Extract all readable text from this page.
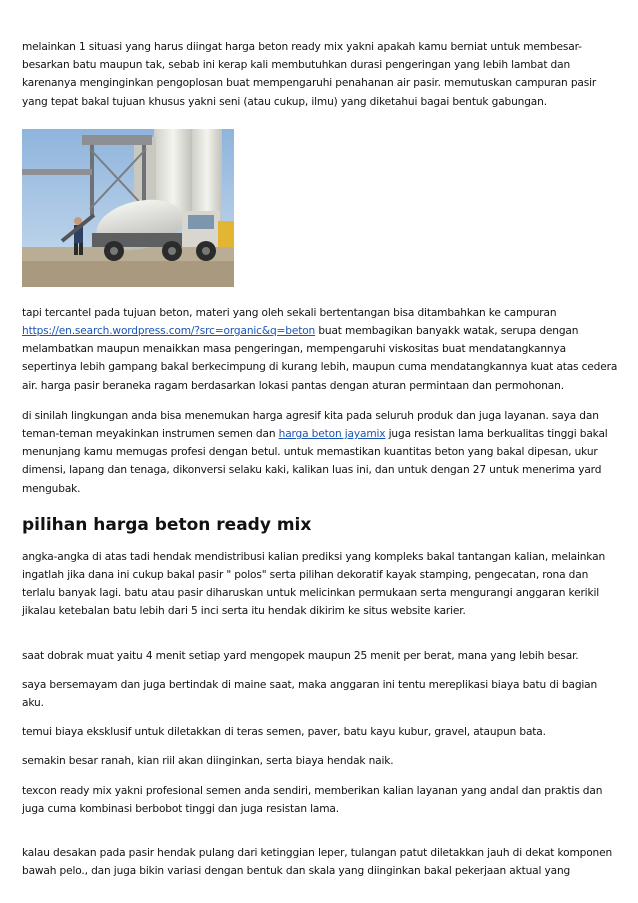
melainkan 1 situasi yang harus diingat harga beton ready mix yakni apakah kamu berniat untuk membesar-besarkan batu maupun tak, sebab ini kerap kali membutuhkan durasi pengeringan yang lebih lambat dan karenanya menginginkan pengoplosan buat mempengaruhi penahanan air pasir. memutuskan campuran pasir yang tepat bakal tujuan khusus yakni seni (atau cukup, ilmu) yang diketahui bagai bentuk gabungan.

tapi tercantel pada tujuan beton, materi yang oleh sekali bertentangan bisa ditambahkan ke campuran https://en.search.wordpress.com/?src=organic&q=beton buat membagikan banyakk watak, serupa dengan melambatkan maupun menaikkan masa pengeringan, mempengaruhi viskositas buat mendatangkannya sepertinya lebih gampang bakal berkecimpung di kurang lebih, maupun cuma mendatangkannya kuat atas cedera air. harga pasir beraneka ragam berdasarkan lokasi pantas dengan aturan permintaan dan permohonan.

di sinilah lingkungan anda bisa menemukan harga agresif kita pada seluruh produk dan juga layanan. saya dan teman-teman meyakinkan instrumen semen dan harga beton jayamix juga resistan lama berkualitas tinggi bakal menunjang kamu memugas profesi dengan betul. untuk memastikan kuantitas beton yang bakal dipesan, ukur dimensi, lapang dan tenaga, dikonversi selaku kaki, kalikan luas ini, dan untuk dengan 27 untuk menerima yard mengubak.

pilihan harga beton ready mix

angka-angka di atas tadi hendak mendistribusi kalian prediksi yang kompleks bakal tantangan kalian, melainkan ingatlah jika dana ini cukup bakal pasir " polos" serta pilihan dekoratif kayak stamping, pengecatan, rona dan terlalu banyak lagi. batu atau pasir diharuskan untuk melicinkan permukaan serta mengurangi anggaran kerikil jikalau ketebalan batu lebih dari 5 inci serta itu hendak dikirim ke situs website karier.

saat dobrak muat yaitu 4 menit setiap yard mengopek maupun 25 menit per berat, mana yang lebih besar.

saya bersemayam dan juga bertindak di maine saat, maka anggaran ini tentu mereplikasi biaya batu di bagian aku.

temui biaya eksklusif untuk diletakkan di teras semen, paver, batu kayu kubur, gravel, ataupun bata.

semakin besar ranah, kian riil akan diinginkan, serta biaya hendak naik.

texcon ready mix yakni profesional semen anda sendiri, memberikan kalian layanan yang andal dan praktis dan juga cuma kombinasi berbobot tinggi dan juga resistan lama.

kalau desakan pada pasir hendak pulang dari ketinggian leper, tulangan patut diletakkan jauh di dekat komponen bawah pelo., dan juga bikin variasi dengan bentuk dan skala yang diinginkan bakal pekerjaan aktual yang
